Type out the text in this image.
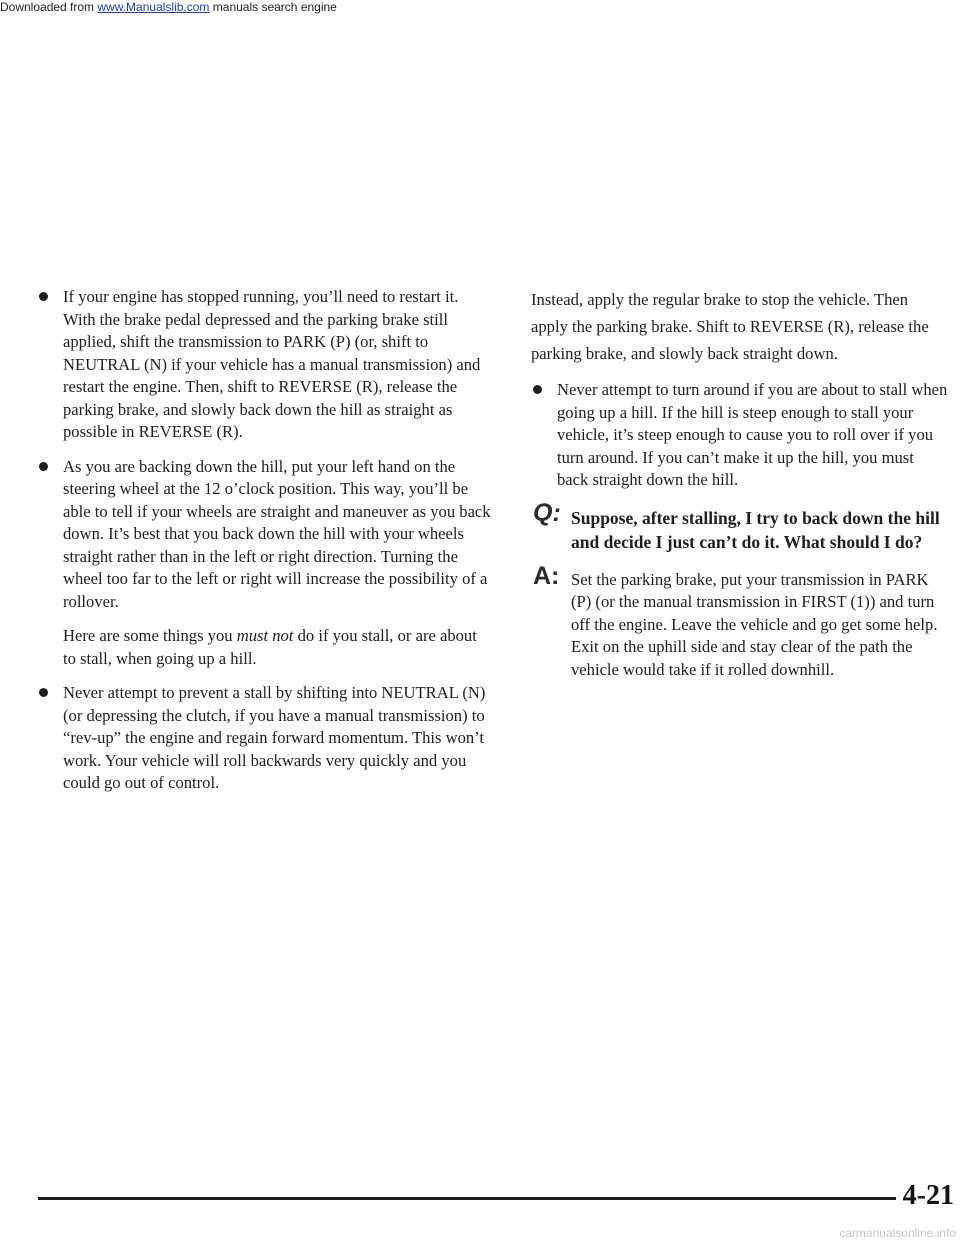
Downloaded from www.Manualslib.com manuals search engine
If your engine has stopped running, you’ll need to restart it. With the brake pedal depressed and the parking brake still applied, shift the transmission to PARK (P) (or, shift to NEUTRAL (N) if your vehicle has a manual transmission) and restart the engine. Then, shift to REVERSE (R), release the parking brake, and slowly back down the hill as straight as possible in REVERSE (R).
As you are backing down the hill, put your left hand on the steering wheel at the 12 o’clock position. This way, you’ll be able to tell if your wheels are straight and maneuver as you back down. It’s best that you back down the hill with your wheels straight rather than in the left or right direction. Turning the wheel too far to the left or right will increase the possibility of a rollover.
Here are some things you must not do if you stall, or are about to stall, when going up a hill.
Never attempt to prevent a stall by shifting into NEUTRAL (N) (or depressing the clutch, if you have a manual transmission) to “rev-up” the engine and regain forward momentum. This won’t work. Your vehicle will roll backwards very quickly and you could go out of control.
Instead, apply the regular brake to stop the vehicle. Then apply the parking brake. Shift to REVERSE (R), release the parking brake, and slowly back straight down.
Never attempt to turn around if you are about to stall when going up a hill. If the hill is steep enough to stall your vehicle, it’s steep enough to cause you to roll over if you turn around. If you can’t make it up the hill, you must back straight down the hill.
Q: Suppose, after stalling, I try to back down the hill and decide I just can’t do it. What should I do?
A: Set the parking brake, put your transmission in PARK (P) (or the manual transmission in FIRST (1)) and turn off the engine. Leave the vehicle and go get some help. Exit on the uphill side and stay clear of the path the vehicle would take if it rolled downhill.
4-21
carmanualsonline.info
